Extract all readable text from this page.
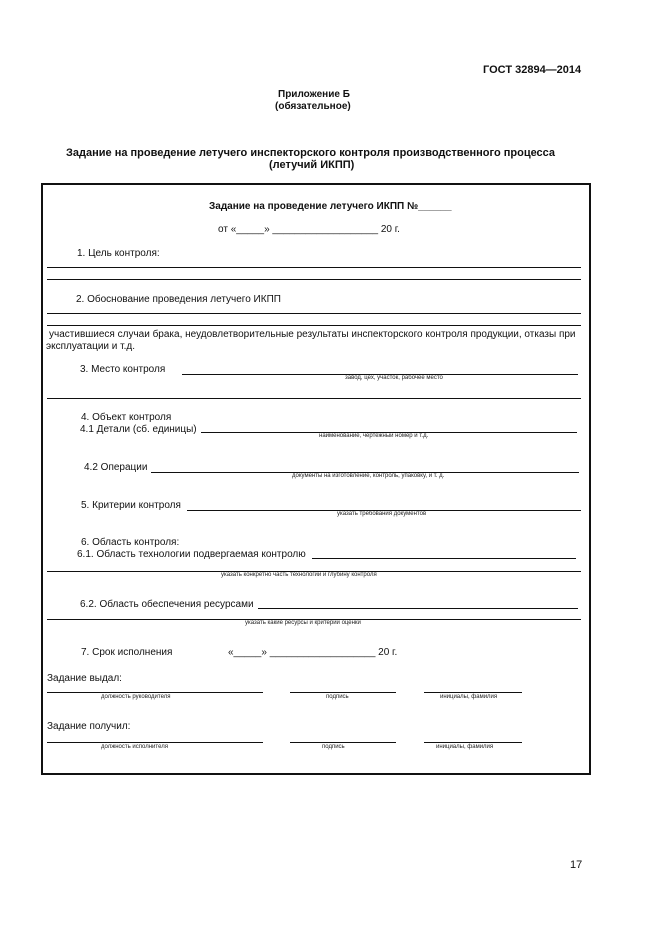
ГОСТ 32894—2014
Приложение Б
(обязательное)
Задание на проведение летучего инспекторского контроля производственного процесса
(летучий ИКПП)
Задание на проведение летучего ИКПП №______
от «_____» ___________________ 20 г.
1. Цель контроля:
2. Обоснование проведения летучего ИКПП
участившиеся случаи брака, неудовлетворительные результаты инспекторского контроля продукции, отказы при
эксплуатации и т.д.
3. Место контроля
завод, цех, участок, рабочее место
4. Объект контроля
4.1 Детали (сб. единицы)
наименование, чертежный номер и т.д.
4.2 Операции
документы на изготовление, контроль, упаковку, и т. д.
5. Критерии контроля
указать требования документов
6. Область контроля:
6.1. Область технологии подвергаемая контролю
указать конкретно часть технологии и глубину контроля
6.2. Область обеспечения ресурсами
указать какие ресурсы и критерии оценки
7. Срок исполнения	«_____» ___________________ 20 г.
Задание выдал:
должность руководителя	подпись	инициалы, фамилия
Задание получил:
должность исполнителя	подпись	инициалы, фамилия
17
